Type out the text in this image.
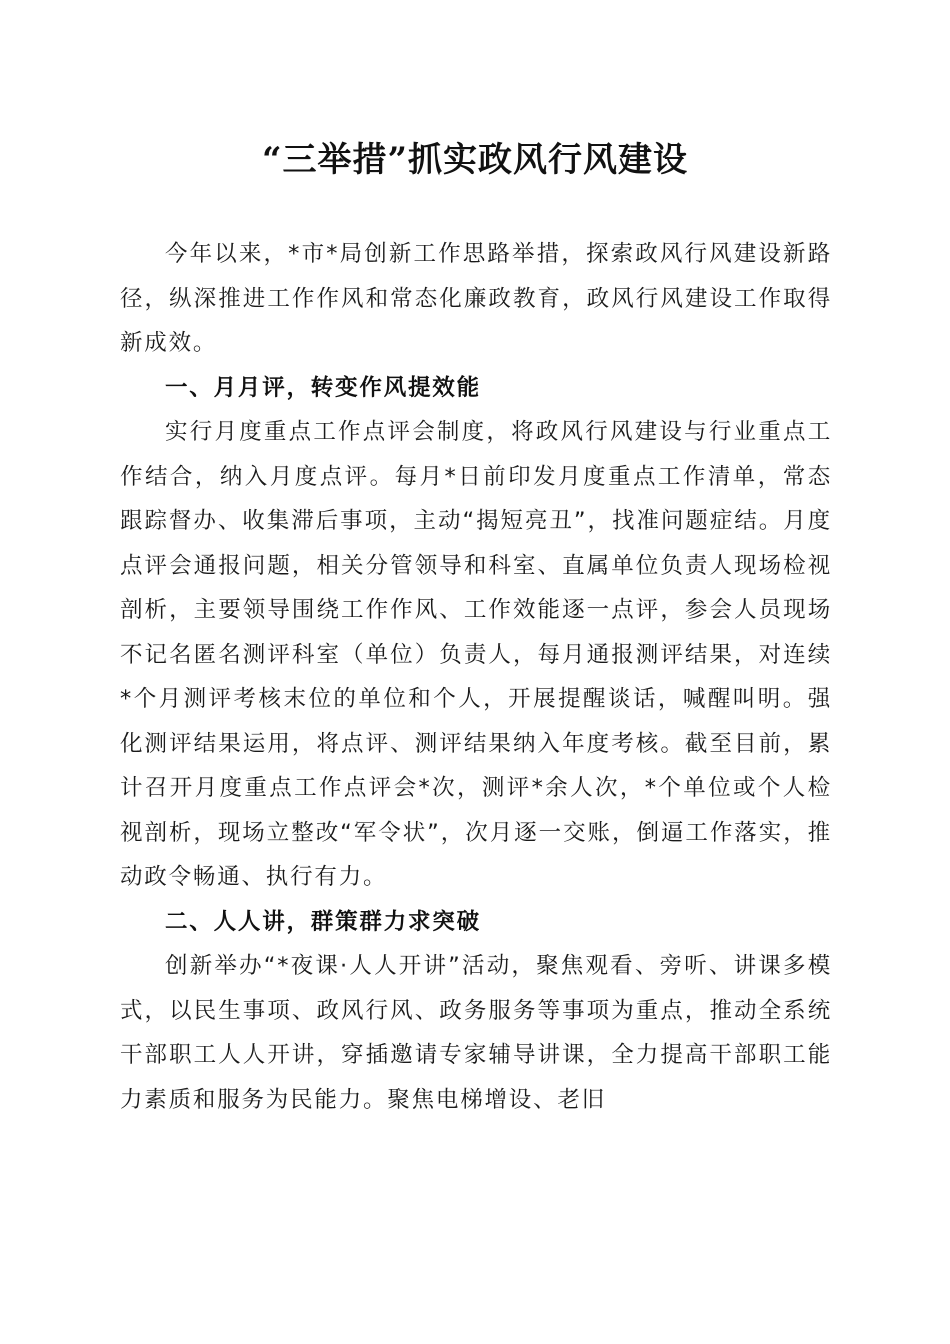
“三举措”抓实政风行风建设

今年以来，*市*局创新工作思路举措，探索政风行风建设新路径，纵深推进工作作风和常态化廉政教育，政风行风建设工作取得新成效。

一、月月评，转变作风提效能

实行月度重点工作点评会制度，将政风行风建设与行业重点工作结合，纳入月度点评。每月*日前印发月度重点工作清单，常态跟踪督办、收集滞后事项，主动“揭短亮丑”，找准问题症结。月度点评会通报问题，相关分管领导和科室、直属单位负责人现场检视剖析，主要领导围绕工作作风、工作效能逐一点评，参会人员现场不记名匿名测评科室（单位）负责人，每月通报测评结果，对连续*个月测评考核末位的单位和个人，开展提醒谈话，喊醒叫明。强化测评结果运用，将点评、测评结果纳入年度考核。截至目前，累计召开月度重点工作点评会*次，测评*余人次，*个单位或个人检视剖析，现场立整改“军令状”，次月逐一交账，倒逼工作落实，推动政令畅通、执行有力。

二、人人讲，群策群力求突破

创新举办“*夜课·人人开讲”活动，聚焦观看、旁听、讲课多模式，以民生事项、政风行风、政务服务等事项为重点，推动全系统干部职工人人开讲，穿插邀请专家辅导讲课，全力提高干部职工能力素质和服务为民能力。聚焦电梯增设、老旧
